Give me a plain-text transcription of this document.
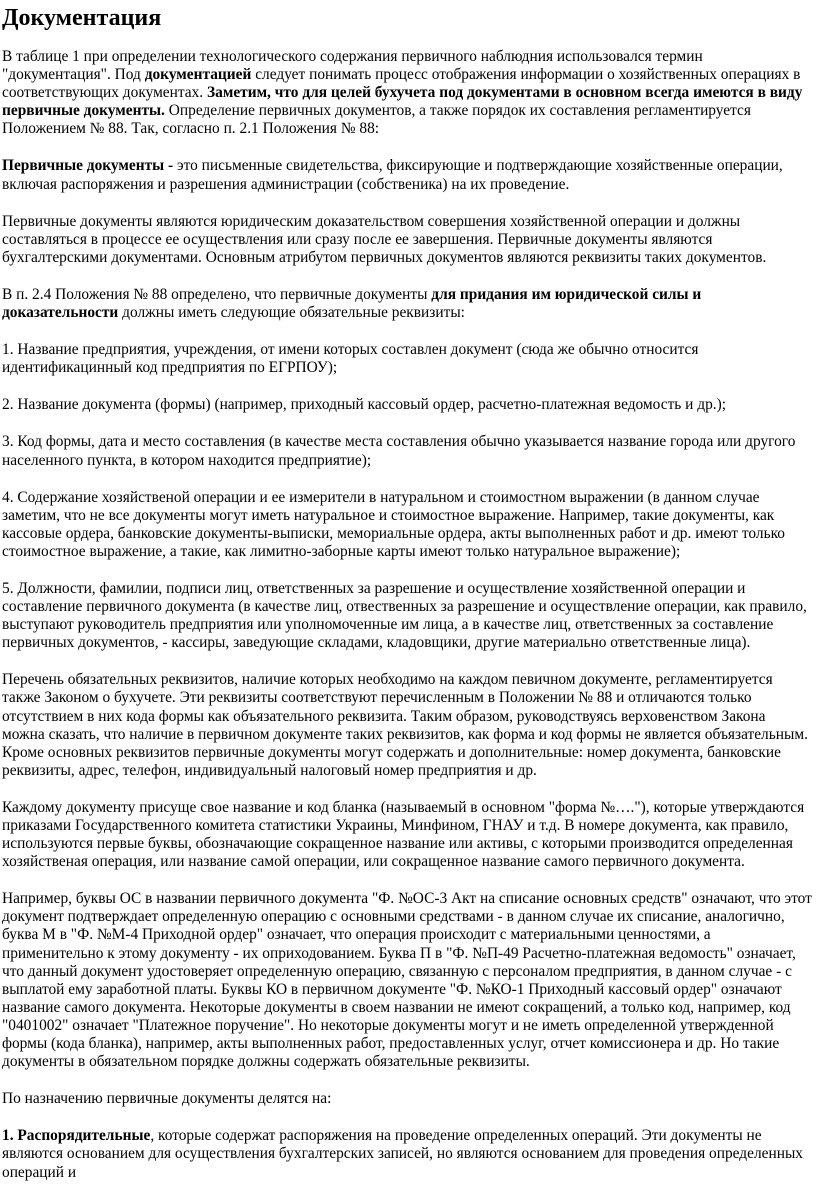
Документация

В таблице 1 при определении технологического содержания первичного наблюдния использовался термин "документация". Под документацией следует понимать процесс отображения информации о хозяйственных операциях в соответствующих документах. Заметим, что для целей бухучета под документами в основном всегда имеются в виду первичные документы. Определение первичных документов, а также порядок их составления регламентируется Положением № 88. Так, согласно п. 2.1 Положения № 88:

Первичные документы - это письменные свидетельства, фиксирующие и подтверждающие хозяйственные операции, включая распоряжения и разрешения администрации (собственика) на их проведение.

Первичные документы являются юридическим доказательством совершения хозяйственной операции и должны составляться в процессе ее осуществления или сразу после ее завершения. Первичные документы являются бухгалтерскими документами. Основным атрибутом первичных документов являются реквизиты таких документов.

В п. 2.4 Положения № 88 определено, что первичные документы для придания им юридической силы и доказательности должны иметь следующие обязательные реквизиты:

1. Название предприятия, учреждения, от имени которых составлен документ (сюда же обычно относится идентификацинный код предприятия по ЕГРПОУ);

2. Название документа (формы) (например, приходный кассовый ордер, расчетно-платежная ведомость и др.);

3. Код формы, дата и место составления (в качестве места составления обычно указывается название города или другого населенного пункта, в котором находится предприятие);

4. Содержание хозяйственой операции и ее измерители в натуральном и стоимостном выражении (в данном случае заметим, что не все документы могут иметь натуральное и стоимостное выражение. Например, такие документы, как кассовые ордера, банковские документы-выписки, мемориальные ордера, акты выполненных работ и др. имеют только стоимостное выражение, а такие, как лимитно-заборные карты имеют только натуральное выражение);

5. Должности, фамилии, подписи лиц, ответственных за разрешение и осуществление хозяйственной операции и составление первичного документа (в качестве лиц, отвественных за разрешение и осуществление операции, как правило, выступают руководитель предприятия или уполномоченные им лица, а в качестве лиц, ответственных за составление первичных документов, - кассиры, заведующие складами, кладовщики, другие материально ответственные лица).

Перечень обязательных реквизитов, наличие которых необходимо на каждом певичном документе, регламентируется также Законом о бухучете. Эти реквизиты соответствуют перечисленным в Положении № 88 и отличаются только отсутствием в них кода формы как объязательного реквизита. Таким образом, руководствуясь верховенством Закона можна сказать, что наличие в первичном документе таких реквизитов, как форма и код формы не является объязательным. Кроме основных реквизитов первичные документы могут содержать и дополнительные: номер документа, банковские реквизиты, адрес, телефон, индивидуальный налоговый номер предприятия и др.

Каждому документу присуще свое название и код бланка (называемый в основном "форма №…."), которые утверждаются приказами Государственного комитета статистики Украины, Минфином, ГНАУ и т.д. В номере документа, как правило, используются первые буквы, обозначающие сокращенное название или активы, с которыми производится определенная хозяйственая операция, или название самой операции, или сокращенное название самого первичного документа.

Например, буквы ОС в названии первичного документа "Ф. №ОС-3 Акт на списание основных средств" означают, что этот документ подтверждает определенную операцию с основными средствами - в данном случае их списание, аналогично, буква М в "Ф. №М-4 Приходной ордер" означает, что операция происходит с материальными ценностями, а применительно к этому документу - их оприходованием. Буква П в "Ф. №П-49 Расчетно-платежная ведомость" означает, что данный документ удостоверяет определенную операцию, связанную с персоналом предприятия, в данном случае - с выплатой ему заработной платы. Буквы КО в первичном документе "Ф. №КО-1 Приходный кассовый ордер" означают название самого документа. Некоторые документы в своем названии не имеют сокращений, а только код, например, код "0401002" означает "Платежное поручение". Но некоторые документы могут и не иметь определенной утвержденной формы (кода бланка), например, акты выполненных работ, предоставленных услуг, отчет комиссионера и др. Но такие документы в обязательном порядке должны содержать обязательные реквизиты.

По назначению первичные документы делятся на:

1. Распорядительные, которые содержат распоряжения на проведение определенных операций. Эти документы не являются основанием для осуществления бухгалтерских записей, но являются основанием для проведения определенных операций и
